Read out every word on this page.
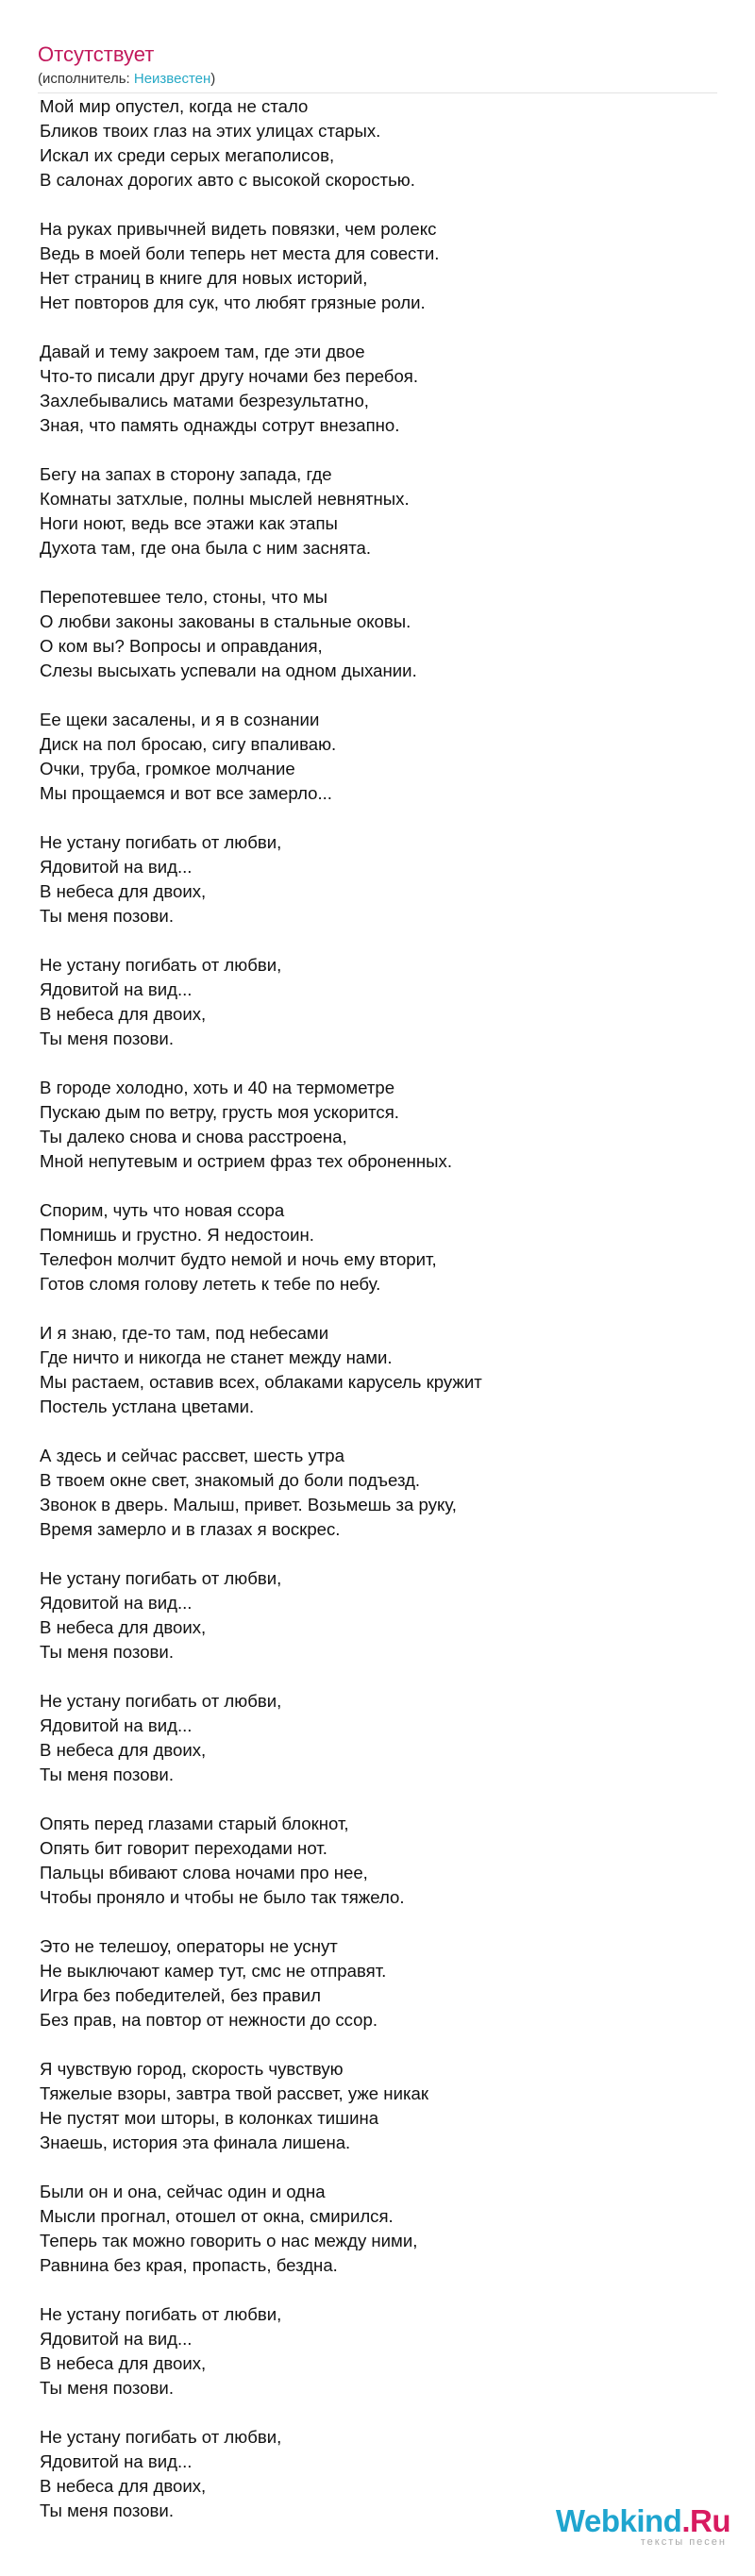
Отсутствует
(исполнитель: Неизвестен)
Мой мир опустел, когда не стало
Бликов твоих глаз на этих улицах старых.
Искал их среди серых мегаполисов,
В салонах дорогих авто с высокой скоростью.
На руках привычней видеть повязки, чем ролекс
Ведь в моей боли теперь нет места для совести.
Нет страниц в книге для новых историй,
Нет повторов для сук, что любят грязные роли.
Давай и тему закроем там, где эти двое
Что-то писали друг другу ночами без перебоя.
Захлебывались матами безрезультатно,
Зная, что память однажды сотрут внезапно.
Бегу на запах в сторону запада, где
Комнаты затхлые, полны мыслей невнятных.
Ноги ноют, ведь все этажи как этапы
Духота там, где она была с ним заснята.
Перепотевшее тело, стоны, что мы
О любви законы закованы в стальные оковы.
О ком вы? Вопросы и оправдания,
Слезы высыхать успевали на одном дыхании.
Ее щеки засалены, и я в сознании
Диск на пол бросаю, сигу впаливаю.
Очки, труба, громкое молчание
Мы прощаемся и вот все замерло...
Не устану погибать от любви,
Ядовитой на вид...
В небеса для двоих,
Ты меня позови.
Не устану погибать от любви,
Ядовитой на вид...
В небеса для двоих,
Ты меня позови.
В городе холодно, хоть и 40 на термометре
Пускаю дым по ветру, грусть моя ускорится.
Ты далеко снова и снова расстроена,
Мной непутевым и острием фраз тех оброненных.
Спорим, чуть что новая ссора
Помнишь и грустно. Я недостоин.
Телефон молчит будто немой и ночь ему вторит,
Готов сломя голову лететь к тебе по небу.
И я знаю, где-то там, под небесами
Где ничто и никогда не станет между нами.
Мы растаем, оставив всех, облаками карусель кружит
Постель устлана цветами.
А здесь и сейчас рассвет, шесть утра
В твоем окне свет, знакомый до боли подъезд.
Звонок в дверь. Малыш, привет. Возьмешь за руку,
Время замерло и в глазах я воскрес.
Не устану погибать от любви,
Ядовитой на вид...
В небеса для двоих,
Ты меня позови.
Не устану погибать от любви,
Ядовитой на вид...
В небеса для двоих,
Ты меня позови.
Опять перед глазами старый блокнот,
Опять бит говорит переходами нот.
Пальцы вбивают слова ночами про нее,
Чтобы проняло и чтобы не было так тяжело.
Это не телешоу, операторы не уснут
Не выключают камер тут, смс не отправят.
Игра без победителей, без правил
Без прав, на повтор от нежности до ссор.
Я чувствую город, скорость чувствую
Тяжелые взоры, завтра твой рассвет, уже никак
Не пустят мои шторы, в колонках тишина
Знаешь, история эта финала лишена.
Были он и она, сейчас один и одна
Мысли прогнал, отошел от окна, смирился.
Теперь так можно говорить о нас между ними,
Равнина без края, пропасть, бездна.
Не устану погибать от любви,
Ядовитой на вид...
В небеса для двоих,
Ты меня позови.
Не устану погибать от любви,
Ядовитой на вид...
В небеса для двоих,
Ты меня позови.	Webkind.Ru
тексты песен
